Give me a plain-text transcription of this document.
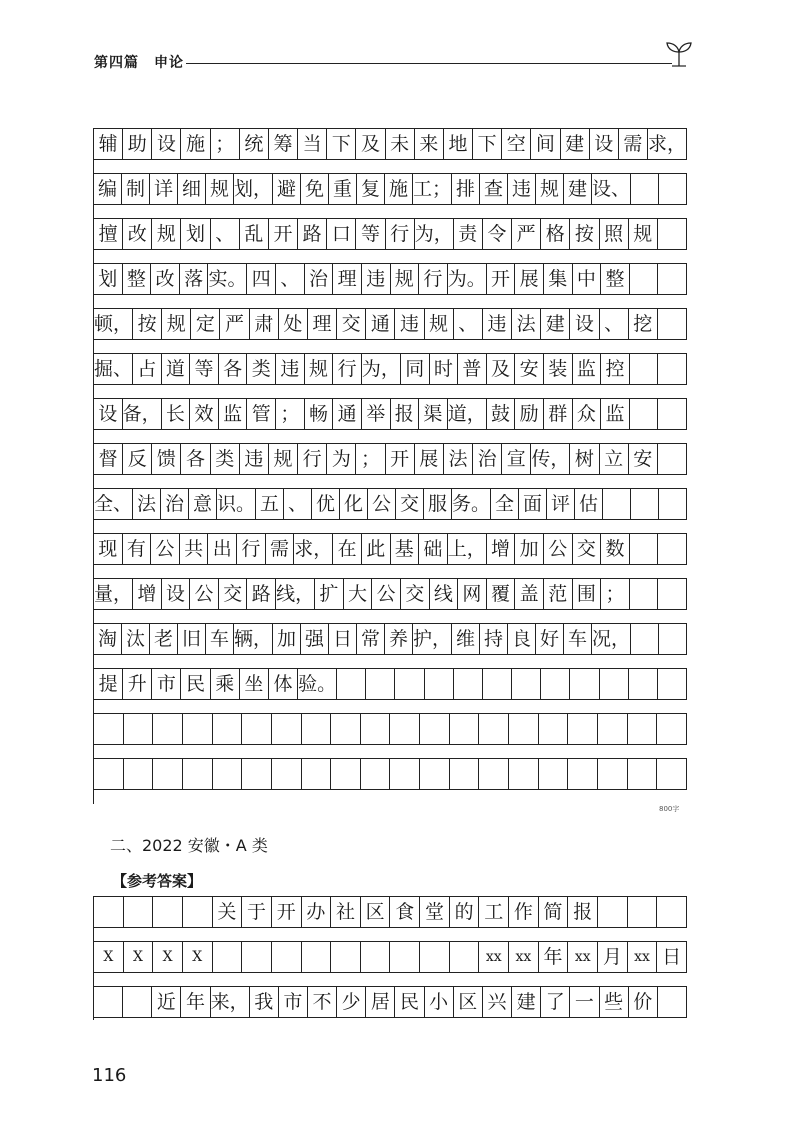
第四篇　申论
辅 助 设 施 ； 统 筹 当 下 及 未 来 地 下 空 间 建 设 需 求，
编 制 详 细 规 划， 避 免 重 复 施 工； 排 查 违 规 建 设、
擅 改 规 划 、 乱 开 路 口 等 行 为， 责 令 严 格 按 照 规
划 整 改 落 实。 四 、 治 理 违 规 行 为。 开 展 集 中 整
顿， 按 规 定 严 肃 处 理 交 通 违 规 、 违 法 建 设 、 挖
掘、 占 道 等 各 类 违 规 行 为， 同 时 普 及 安 装 监 控
设 备， 长 效 监 管 ； 畅 通 举 报 渠 道， 鼓 励 群 众 监
督 反 馈 各 类 违 规 行 为 ； 开 展 法 治 宣 传， 树 立 安
全、 法 治 意 识。 五 、 优 化 公 交 服 务。 全 面 评 估
现 有 公 共 出 行 需 求， 在 此 基 础 上， 增 加 公 交 数
量， 增 设 公 交 路 线， 扩 大 公 交 线 网 覆 盖 范 围 ；
淘 汰 老 旧 车 辆， 加 强 日 常 养 护， 维 持 良 好 车 况，
提 升 市 民 乘 坐 体 验。
800字
二、2022 安徽・A 类
【参考答案】
关 于 开 办 社 区 食 堂 的 工 作 简 报
X	X	X	X	xx xx 年 xx 月 xx 日
近 年 来， 我 市 不 少 居 民 小 区 兴 建 了 一 些 价
116
